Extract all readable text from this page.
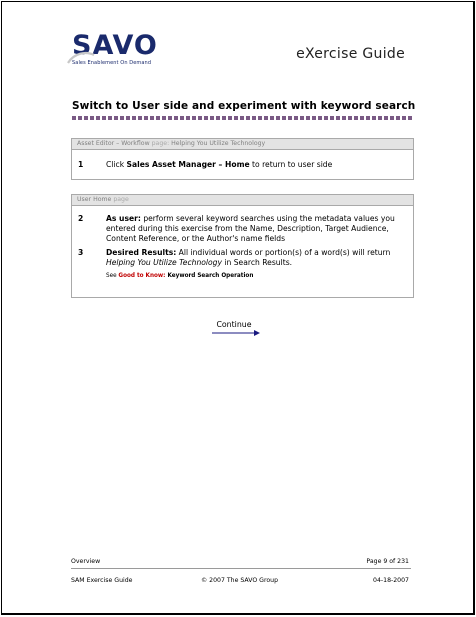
SAVO
Sales Enablement On Demand
eXercise Guide
Switch to User side and experiment with keyword search
Asset Editor – Workflow page: Helping You Utilize Technology
1	Click Sales Asset Manager – Home to return to user side
User Home page
2	As user: perform several keyword searches using the metadata values you entered during this exercise from the Name, Description, Target Audience, Content Reference, or the Author's name fields
3	Desired Results: All individual words or portion(s) of a word(s) will return Helping You Utilize Technology in Search Results.
See Good to Know: Keyword Search Operation
Continue
Overview	Page 9 of 231
SAM Exercise Guide	© 2007 The SAVO Group	04-18-2007
